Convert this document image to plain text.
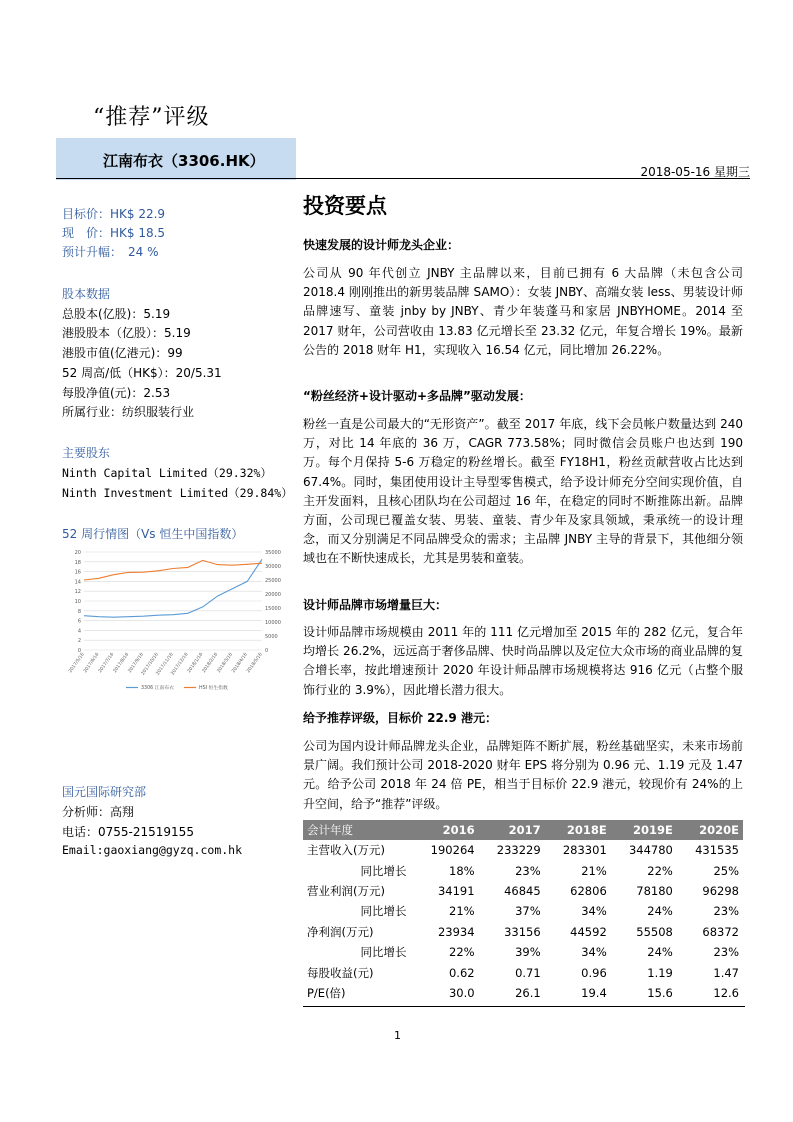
“推荐”评级
江南布衣（3306.HK）
2018-05-16 星期三
目标价：HK$ 22.9
现　价：HK$ 18.5
预计升幅：　24 %
股本数据
总股本(亿股)：5.19
港股股本（亿股）：5.19
港股市值(亿港元)：99
52 周高/低（HK$）：20/5.31
每股净值(元)：2.53
所属行业：纺织服装行业
主要股东
Ninth Capital Limited（29.32%）
Ninth Investment Limited（29.84%）
52 周行情图（Vs 恒生中国指数）
国元国际研究部
分析师：高翔
电话：0755-21519155
Email:gaoxiang@gyzq.com.hk
0
2
4
6
8
10
12
14
16
18
20
0
5000
10000
15000
20000
25000
30000
35000
2017/5/16
2017/6/16
2017/7/16
2017/8/16
2017/9/16
2017/10/16
2017/11/16
2017/12/16
2018/1/16
2018/2/16
2018/3/16
2018/4/16
2018/5/16
3306 江南布衣	HSI 恒生指数
投资要点
快速发展的设计师龙头企业：
公司从 90 年代创立 JNBY 主品牌以来，目前已拥有 6 大品牌（未包含公司 2018.4 刚刚推出的新男装品牌 SAMO）：女装 JNBY、高端女装 less、男装设计师品牌速写、童装 jnby by JNBY、青少年装蓬马和家居 JNBYHOME。2014 至 2017 财年，公司营收由 13.83 亿元增长至 23.32 亿元，年复合增长 19%。最新公告的 2018 财年 H1，实现收入 16.54 亿元，同比增加 26.22%。
“粉丝经济+设计驱动+多品牌”驱动发展：
粉丝一直是公司最大的“无形资产”。截至 2017 年底，线下会员帐户数量达到 240 万，对比 14 年底的 36 万，CAGR 773.58%；同时微信会员账户也达到 190 万。每个月保持 5-6 万稳定的粉丝增长。截至 FY18H1，粉丝贡献营收占比达到 67.4%。同时，集团使用设计主导型零售模式，给予设计师充分空间实现价值，自主开发面料，且核心团队均在公司超过 16 年，在稳定的同时不断推陈出新。品牌方面，公司现已覆盖女装、男装、童装、青少年及家具领域，秉承统一的设计理念，而又分别满足不同品牌受众的需求；主品牌 JNBY 主导的背景下，其他细分领域也在不断快速成长，尤其是男装和童装。
设计师品牌市场增量巨大：
设计师品牌市场规模由 2011 年的 111 亿元增加至 2015 年的 282 亿元，复合年均增长 26.2%，远远高于奢侈品牌、快时尚品牌以及定位大众市场的商业品牌的复合增长率，按此增速预计 2020 年设计师品牌市场规模将达 916 亿元（占整个服饰行业的 3.9%），因此增长潜力很大。
给予推荐评级，目标价 22.9 港元：
公司为国内设计师品牌龙头企业，品牌矩阵不断扩展，粉丝基础坚实，未来市场前景广阔。我们预计公司 2018-2020 财年 EPS 将分别为 0.96 元、1.19 元及 1.47 元。给予公司 2018 年 24 倍 PE，相当于目标价 22.9 港元，较现价有 24%的上升空间，给予“推荐”评级。
会计年度	2016	2017	2018E	2019E	2020E
主营收入(万元)	190264	233229	283301	344780	431535
同比增长	18%	23%	21%	22%	25%
营业利润(万元)	34191	46845	62806	78180	96298
同比增长	21%	37%	34%	24%	23%
净利润(万元)	23934	33156	44592	55508	68372
同比增长	22%	39%	34%	24%	23%
每股收益(元)	0.62	0.71	0.96	1.19	1.47
P/E(倍)	30.0	26.1	19.4	15.6	12.6
1
